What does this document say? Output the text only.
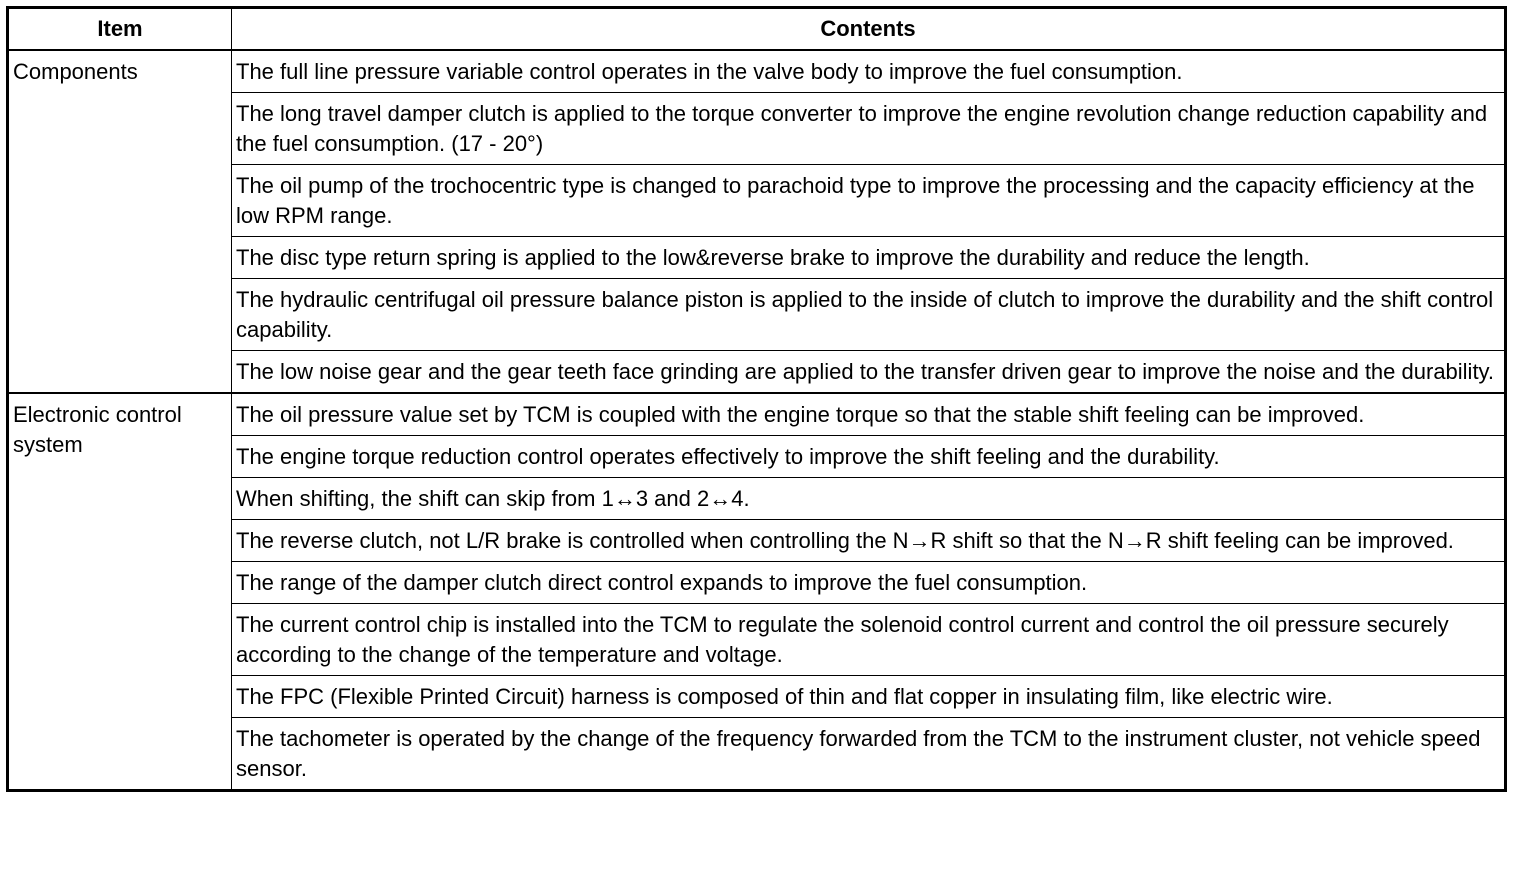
Item	Contents
Components	The full line pressure variable control operates in the valve body to improve the fuel consumption.
	The long travel damper clutch is applied to the torque converter to improve the engine revolution change reduction capability and the fuel consumption. (17 - 20°)
	The oil pump of the trochocentric type is changed to parachoid type to improve the processing and the capacity efficiency at the low RPM range.
	The disc type return spring is applied to the low&reverse brake to improve the durability and reduce the length.
	The hydraulic centrifugal oil pressure balance piston is applied to the inside of clutch to improve the durability and the shift control capability.
	The low noise gear and the gear teeth face grinding are applied to the transfer driven gear to improve the noise and the durability.
Electronic control system	The oil pressure value set by TCM is coupled with the engine torque so that the stable shift feeling can be improved.
	The engine torque reduction control operates effectively to improve the shift feeling and the durability.
	When shifting, the shift can skip from 1↔3 and 2↔4.
	The reverse clutch, not L/R brake is controlled when controlling the N→R shift so that the N→R shift feeling can be improved.
	The range of the damper clutch direct control expands to improve the fuel consumption.
	The current control chip is installed into the TCM to regulate the solenoid control current and control the oil pressure securely according to the change of the temperature and voltage.
	The FPC (Flexible Printed Circuit) harness is composed of thin and flat copper in insulating film, like electric wire.
	The tachometer is operated by the change of the frequency forwarded from the TCM to the instrument cluster, not vehicle speed sensor.
